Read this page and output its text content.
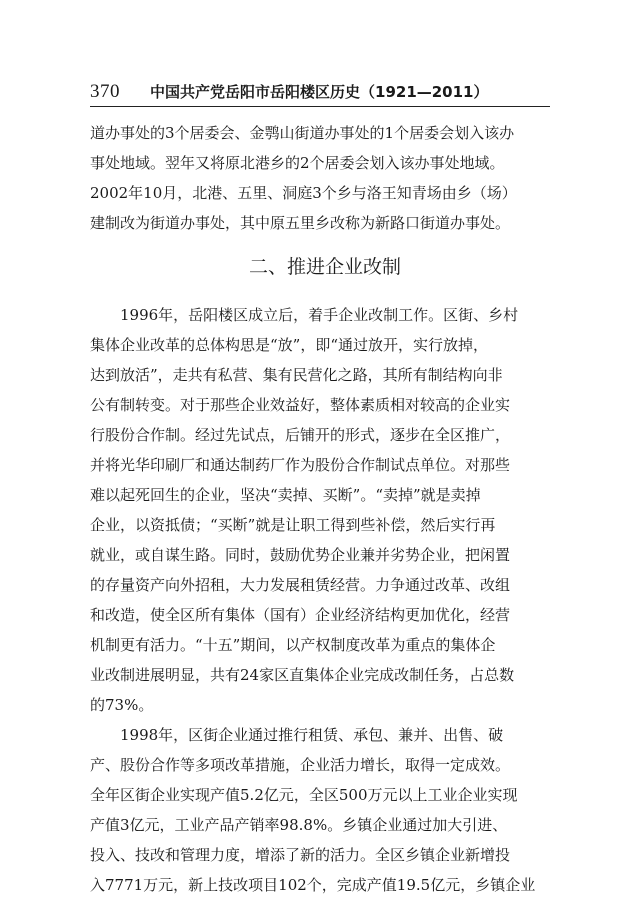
370 中国共产党岳阳市岳阳楼区历史（1921—2011）
道办事处的3个居委会、金鹗山街道办事处的1个居委会划入该办
事处地域。翌年又将原北港乡的2个居委会划入该办事处地域。
2002年10月，北港、五里、洞庭3个乡与洛王知青场由乡（场）
建制改为街道办事处，其中原五里乡改称为新路口街道办事处。
二、推进企业改制
1996年，岳阳楼区成立后，着手企业改制工作。区街、乡村
集体企业改革的总体构思是“放”，即“通过放开，实行放掉，
达到放活”，走共有私营、集有民营化之路，其所有制结构向非
公有制转变。对于那些企业效益好，整体素质相对较高的企业实
行股份合作制。经过先试点，后铺开的形式，逐步在全区推广，
并将光华印刷厂和通达制药厂作为股份合作制试点单位。对那些
难以起死回生的企业，坚决“卖掉、买断”。“卖掉”就是卖掉
企业，以资抵债；“买断”就是让职工得到些补偿，然后实行再
就业，或自谋生路。同时，鼓励优势企业兼并劣势企业，把闲置
的存量资产向外招租，大力发展租赁经营。力争通过改革、改组
和改造，使全区所有集体（国有）企业经济结构更加优化，经营
机制更有活力。“十五”期间，以产权制度改革为重点的集体企
业改制进展明显，共有24家区直集体企业完成改制任务，占总数
的73%。
1998年，区街企业通过推行租赁、承包、兼并、出售、破
产、股份合作等多项改革措施，企业活力增长，取得一定成效。
全年区街企业实现产值5.2亿元，全区500万元以上工业企业实现
产值3亿元，工业产品产销率98.8%。乡镇企业通过加大引进、
投入、技改和管理力度，增添了新的活力。全区乡镇企业新增投
入7771万元，新上技改项目102个，完成产值19.5亿元，乡镇企业
